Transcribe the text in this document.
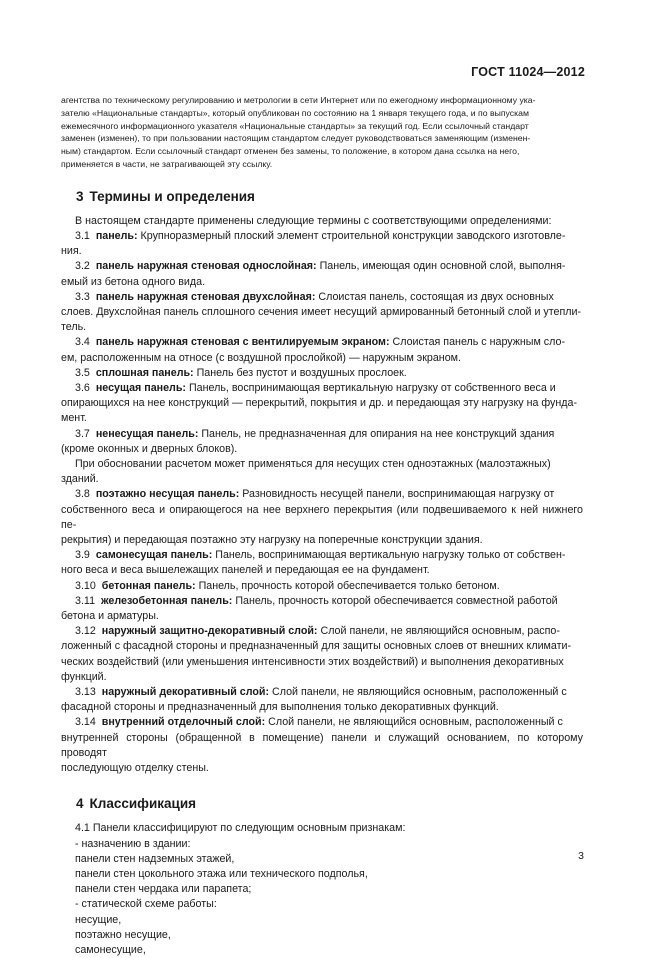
ГОСТ 11024—2012

агентства по техническому регулированию и метрологии в сети Интернет или по ежегодному информационному ука-

зателю «Национальные стандарты», который опубликован по состоянию на 1 января текущего года, и по выпускам

ежемесячного информационного указателя «Национальные стандарты» за текущий год. Если ссылочный стандарт

заменен (изменен), то при пользовании настоящим стандартом следует руководствоваться заменяющим (изменен-

ным) стандартом. Если ссылочный стандарт отменен без замены, то положение, в котором дана ссылка на него,

применяется в части, не затрагивающей эту ссылку.

3 Термины и определения

В настоящем стандарте применены следующие термины с соответствующими определениями:

3.1 панель: Крупноразмерный плоский элемент строительной конструкции заводского изготовле-

ния.

3.2 панель наружная стеновая однослойная: Панель, имеющая один основной слой, выполня-

емый из бетона одного вида.

3.3 панель наружная стеновая двухслойная: Слоистая панель, состоящая из двух основных

слоев. Двухслойная панель сплошного сечения имеет несущий армированный бетонный слой и утепли-

тель.

3.4 панель наружная стеновая с вентилируемым экраном: Слоистая панель с наружным сло-

ем, расположенным на относе (с воздушной прослойкой) — наружным экраном.

3.5 сплошная панель: Панель без пустот и воздушных прослоек.

3.6 несущая панель: Панель, воспринимающая вертикальную нагрузку от собственного веса и

опирающихся на нее конструкций — перекрытий, покрытия и др. и передающая эту нагрузку на фунда-

мент.

3.7 ненесущая панель: Панель, не предназначенная для опирания на нее конструкций здания

(кроме оконных и дверных блоков).

При обосновании расчетом может применяться для несущих стен одноэтажных (малоэтажных)

зданий.

3.8 поэтажно несущая панель: Разновидность несущей панели, воспринимающая нагрузку от

собственного веса и опирающегося на нее верхнего перекрытия (или подвешиваемого к ней нижнего пе-

рекрытия) и передающая поэтажно эту нагрузку на поперечные конструкции здания.

3.9 самонесущая панель: Панель, воспринимающая вертикальную нагрузку только от собствен-

ного веса и веса вышележащих панелей и передающая ее на фундамент.

3.10 бетонная панель: Панель, прочность которой обеспечивается только бетоном.

3.11 железобетонная панель: Панель, прочность которой обеспечивается совместной работой

бетона и арматуры.

3.12 наружный защитно-декоративный слой: Слой панели, не являющийся основным, распо-

ложенный с фасадной стороны и предназначенный для защиты основных слоев от внешних климати-

ческих воздействий (или уменьшения интенсивности этих воздействий) и выполнения декоративных

функций.

3.13 наружный декоративный слой: Слой панели, не являющийся основным, расположенный с

фасадной стороны и предназначенный для выполнения только декоративных функций.

3.14 внутренний отделочный слой: Слой панели, не являющийся основным, расположенный с

внутренней стороны (обращенной в помещение) панели и служащий основанием, по которому проводят

последующую отделку стены.

4 Классификация

4.1 Панели классифицируют по следующим основным признакам:

- назначению в здании:

панели стен надземных этажей,

панели стен цокольного этажа или технического подполья,

панели стен чердака или парапета;

- статической схеме работы:

несущие,

поэтажно несущие,

самонесущие,

3
